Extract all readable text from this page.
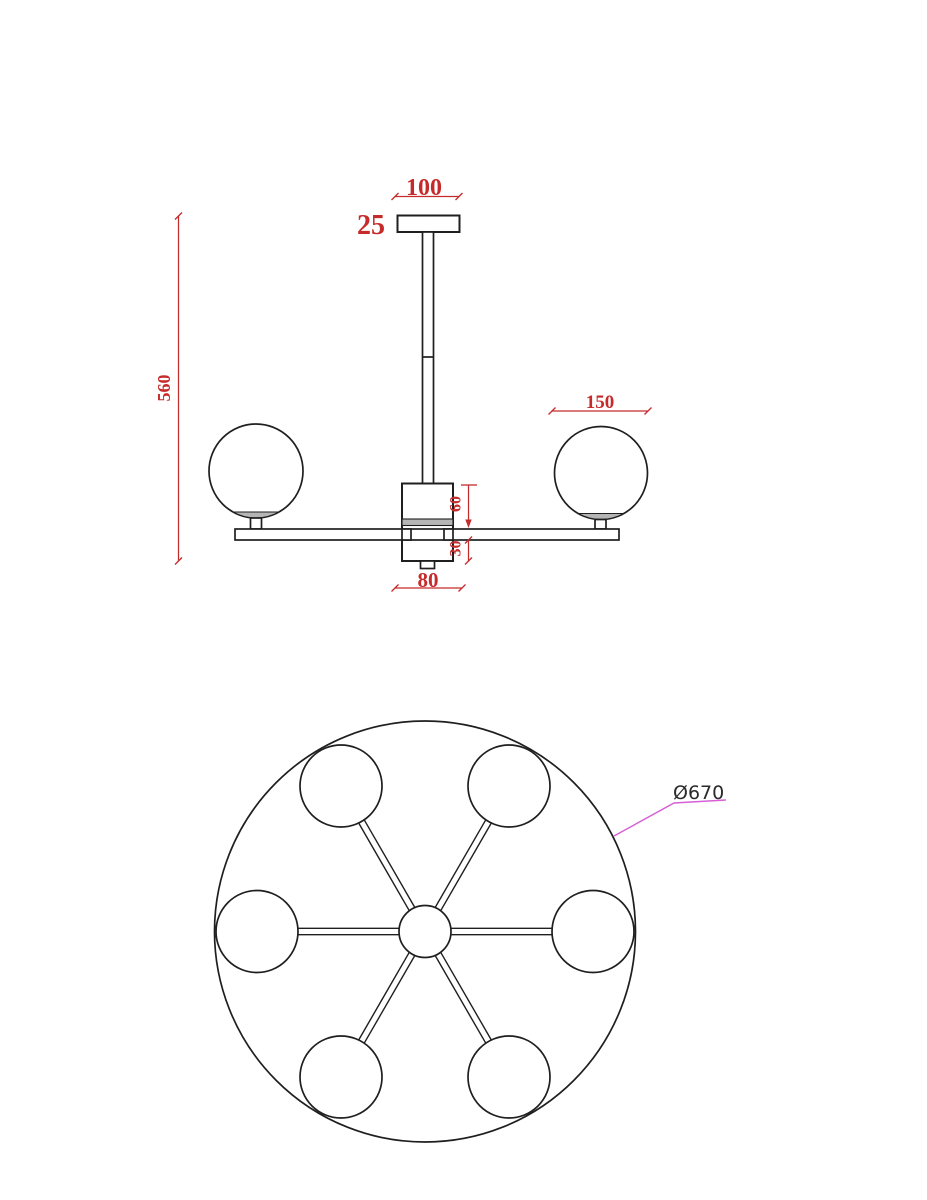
100
25
560
150
60
30
80
Ø670
